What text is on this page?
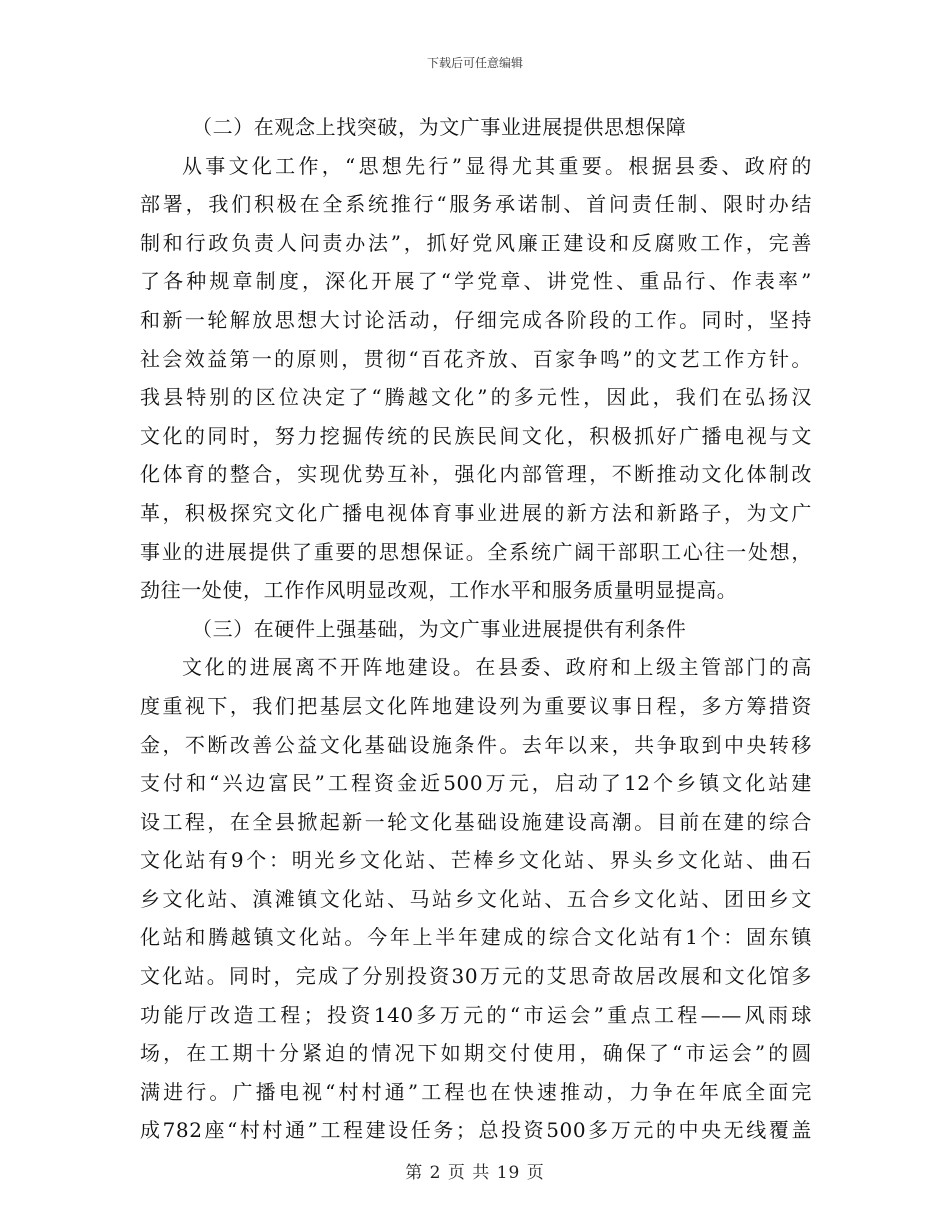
下载后可任意编辑
（二）在观念上找突破，为文广事业进展提供思想保障
从事文化工作，“思想先行”显得尤其重要。根据县委、政府的
部署，我们积极在全系统推行“服务承诺制、首问责任制、限时办结
制和行政负责人问责办法”，抓好党风廉正建设和反腐败工作，完善
了各种规章制度，深化开展了“学党章、讲党性、重品行、作表率”
和新一轮解放思想大讨论活动，仔细完成各阶段的工作。同时，坚持
社会效益第一的原则，贯彻“百花齐放、百家争鸣”的文艺工作方针。
我县特别的区位决定了“腾越文化”的多元性，因此，我们在弘扬汉
文化的同时，努力挖掘传统的民族民间文化，积极抓好广播电视与文
化体育的整合，实现优势互补，强化内部管理，不断推动文化体制改
革，积极探究文化广播电视体育事业进展的新方法和新路子，为文广
事业的进展提供了重要的思想保证。全系统广阔干部职工心往一处想，
劲往一处使，工作作风明显改观，工作水平和服务质量明显提高。
（三）在硬件上强基础，为文广事业进展提供有利条件
文化的进展离不开阵地建设。在县委、政府和上级主管部门的高
度重视下，我们把基层文化阵地建设列为重要议事日程，多方筹措资
金，不断改善公益文化基础设施条件。去年以来，共争取到中央转移
支付和“兴边富民”工程资金近500万元，启动了12个乡镇文化站建
设工程，在全县掀起新一轮文化基础设施建设高潮。目前在建的综合
文化站有9个：明光乡文化站、芒棒乡文化站、界头乡文化站、曲石
乡文化站、滇滩镇文化站、马站乡文化站、五合乡文化站、团田乡文
化站和腾越镇文化站。今年上半年建成的综合文化站有1个：固东镇
文化站。同时，完成了分别投资30万元的艾思奇故居改展和文化馆多
功能厅改造工程；投资140多万元的“市运会”重点工程——风雨球
场，在工期十分紧迫的情况下如期交付使用，确保了“市运会”的圆
满进行。广播电视“村村通”工程也在快速推动，力争在年底全面完
成782座“村村通”工程建设任务；总投资500多万元的中央无线覆盖
第 2 页 共 19 页
